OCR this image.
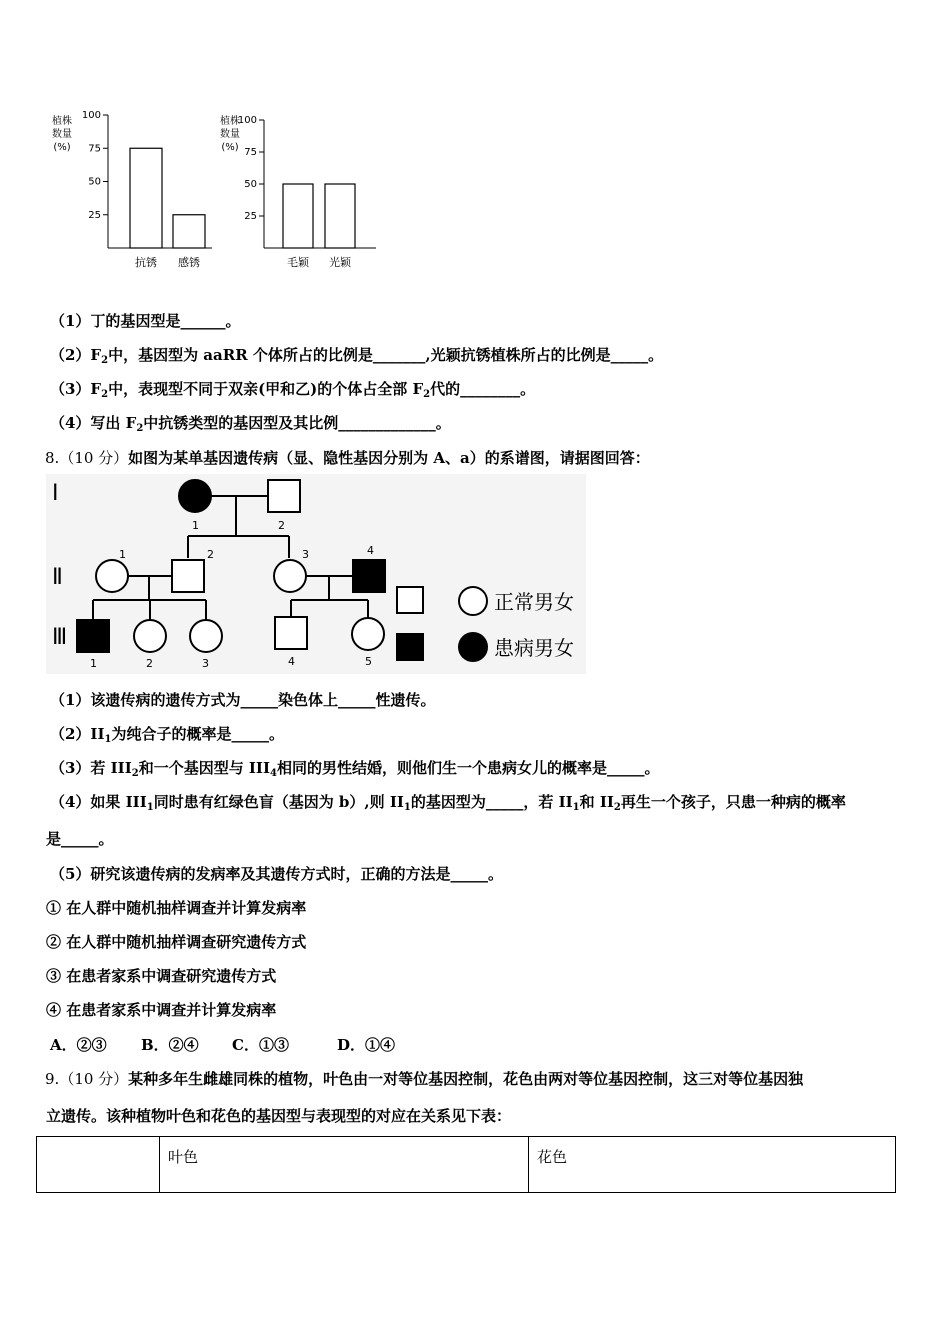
植株
数量
(%)
25
50
75
100
抗锈 感锈
植株
数量
(%)
25
50
75
100
毛颖 光颖
（1）丁的基因型是______。
$(2)F_2$中，基因型为 aaRR 个体所占的比例是_______,光颖抗锈植株所占的比例是_____。
$(3)F_2$中，表现型不同于双亲(甲和乙)的个体占全部 $F_2$代的________。
（4）写出 $F_2$中抗锈类型的基因型及其比例_____________。
8.（10 分）如图为某单基因遗传病（显、隐性基因分别为 A、a）的系谱图，请据图回答：
Ⅰ
Ⅱ
Ⅲ
1	2
1	2	3	4
1	2	3	4	5
正常男女
患病男女
（1）该遗传病的遗传方式为_____染色体上_____性遗传。
$(2)II_1$为纯合子的概率是_____。
（3）若 $III_2$和一个基因型与 $III_4$相同的男性结婚，则他们生一个患病女儿的概率是_____。
（4）如果 $III_1$同时患有红绿色盲（基因为 b）,则 $II_1$的基因型为_____，若 $II_1$和 $II_2$再生一个孩子，只患一种病的概率
是_____。
（5）研究该遗传病的发病率及其遗传方式时，正确的方法是_____。
① 在人群中随机抽样调查并计算发病率
② 在人群中随机抽样调查研究遗传方式
③ 在患者家系中调查研究遗传方式
④ 在患者家系中调查并计算发病率
A．②③ B．②④ C．①③	D．①④
9.（10 分）某种多年生雌雄同株的植物，叶色由一对等位基因控制，花色由两对等位基因控制，这三对等位基因独
立遗传。该种植物叶色和花色的基因型与表现型的对应在关系见下表：
	叶色	花色
